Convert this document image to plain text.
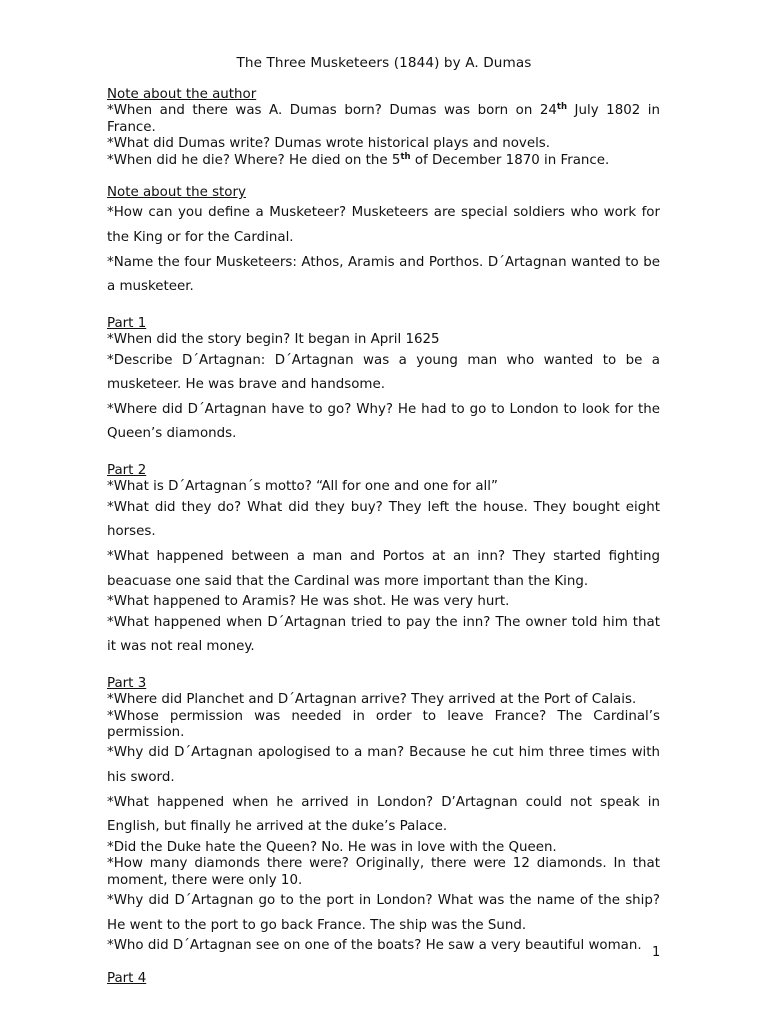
The Three Musketeers (1844) by A. Dumas
Note about the author
*When and there was A. Dumas born? Dumas was born on 24th July 1802 in France.
*What did Dumas write? Dumas wrote historical plays and novels.
*When did he die? Where? He died on the 5th of December 1870 in France.
Note about the story
*How can you define a Musketeer? Musketeers are special soldiers who work for the King or for the Cardinal.
*Name the four Musketeers: Athos, Aramis and Porthos. D´Artagnan wanted to be a musketeer.
Part 1
*When did the story begin? It began in April 1625
*Describe D´Artagnan: D´Artagnan was a young man who wanted to be a musketeer. He was brave and handsome.
*Where did D´Artagnan have to go? Why? He had to go to London to look for the Queen’s diamonds.
Part 2
*What is D´Artagnan´s motto? “All for one and one for all”
*What did they do? What did they buy? They left the house. They bought eight horses.
*What happened between a man and Portos at an inn? They started fighting beacuase one said that the Cardinal was more important than the King.
*What happened to Aramis? He was shot. He was very hurt.
*What happened when D´Artagnan tried to pay the inn? The owner told him that it was not real money.
Part 3
*Where did Planchet and D´Artagnan arrive? They arrived at the Port of Calais.
*Whose permission was needed in order to leave France? The Cardinal’s permission.
*Why did D´Artagnan apologised to a man? Because he cut him three times with his sword.
*What happened when he arrived in London? D’Artagnan could not speak in English, but finally he arrived at the duke’s Palace.
*Did the Duke hate the Queen? No. He was in love with the Queen.
*How many diamonds there were? Originally, there were 12 diamonds. In that moment, there were only 10.
*Why did D´Artagnan go to the port in London? What was the name of the ship? He went to the port to go back France. The ship was the Sund.
*Who did D´Artagnan see on one of the boats? He saw a very beautiful woman.
Part 4
1
